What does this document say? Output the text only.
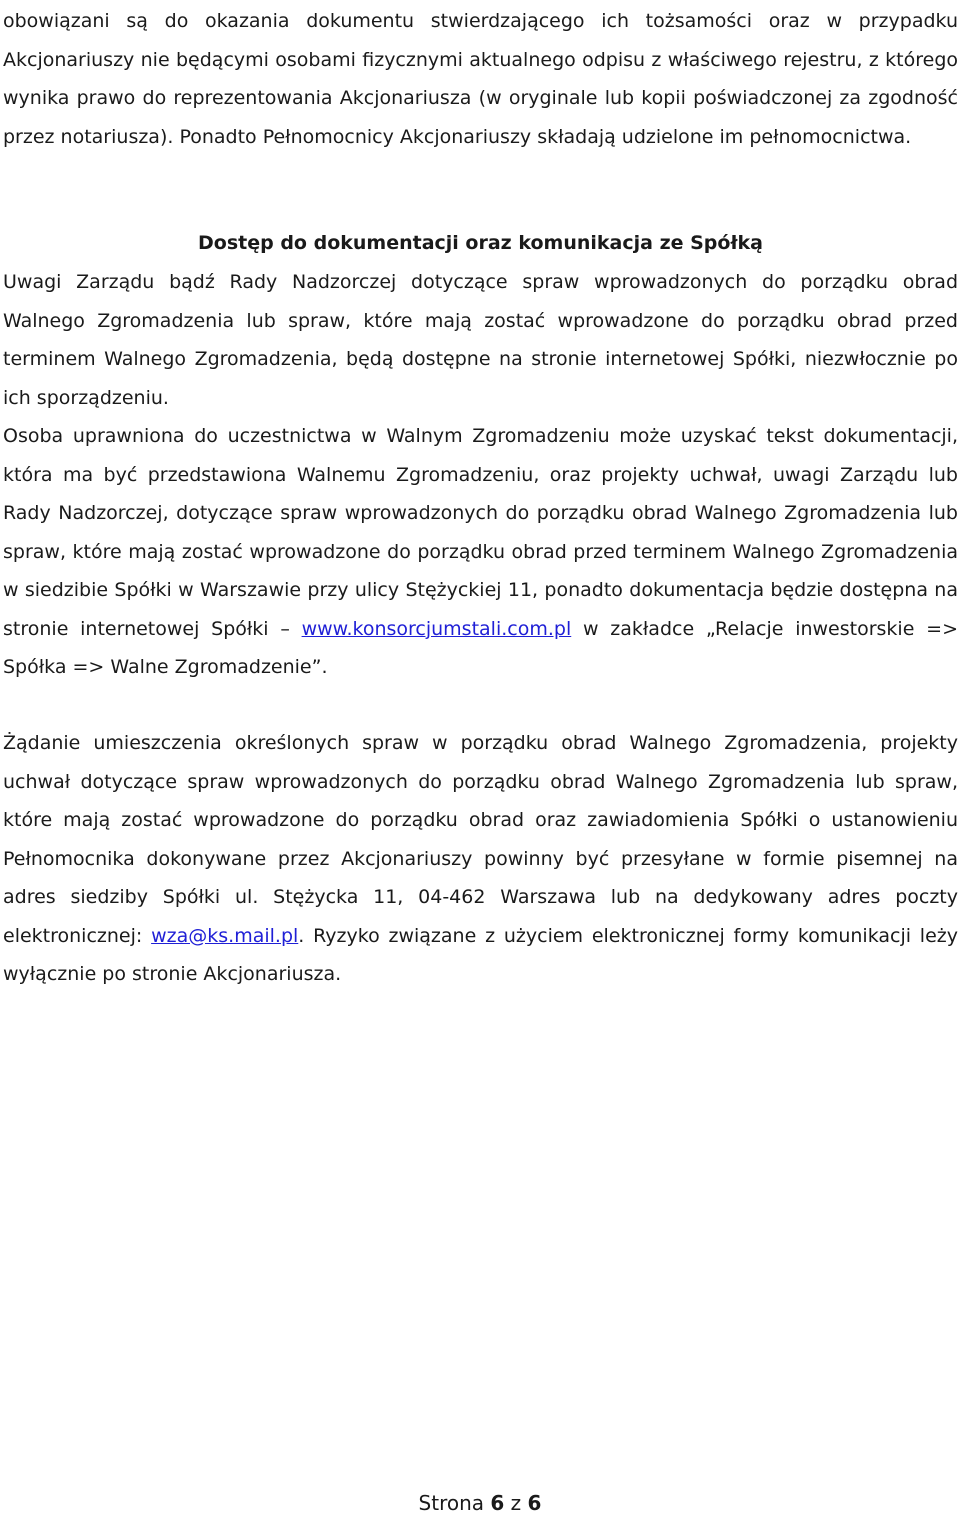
obowiązani są do okazania dokumentu stwierdzającego ich tożsamości oraz w przypadku Akcjonariuszy nie będącymi osobami fizycznymi aktualnego odpisu z właściwego rejestru, z którego wynika prawo do reprezentowania Akcjonariusza (w oryginale lub kopii poświadczonej za zgodność przez notariusza). Ponadto Pełnomocnicy Akcjonariuszy składają udzielone im pełnomocnictwa.

Dostęp do dokumentacji oraz komunikacja ze Spółką

Uwagi Zarządu bądź Rady Nadzorczej dotyczące spraw wprowadzonych do porządku obrad Walnego Zgromadzenia lub spraw, które mają zostać wprowadzone do porządku obrad przed terminem Walnego Zgromadzenia, będą dostępne na stronie internetowej Spółki, niezwłocznie po ich sporządzeniu.

Osoba uprawniona do uczestnictwa w Walnym Zgromadzeniu może uzyskać tekst dokumentacji, która ma być przedstawiona Walnemu Zgromadzeniu, oraz projekty uchwał, uwagi Zarządu lub Rady Nadzorczej, dotyczące spraw wprowadzonych do porządku obrad Walnego Zgromadzenia lub spraw, które mają zostać wprowadzone do porządku obrad przed terminem Walnego Zgromadzenia w siedzibie Spółki w Warszawie przy ulicy Stężyckiej 11, ponadto dokumentacja będzie dostępna na stronie internetowej Spółki – www.konsorcjumstali.com.pl w zakładce „Relacje inwestorskie => Spółka => Walne Zgromadzenie”.

Żądanie umieszczenia określonych spraw w porządku obrad Walnego Zgromadzenia, projekty uchwał dotyczące spraw wprowadzonych do porządku obrad Walnego Zgromadzenia lub spraw, które mają zostać wprowadzone do porządku obrad oraz zawiadomienia Spółki o ustanowieniu Pełnomocnika dokonywane przez Akcjonariuszy powinny być przesyłane w formie pisemnej na adres siedziby Spółki ul. Stężycka 11, 04-462 Warszawa lub na dedykowany adres poczty elektronicznej: wza@ks.mail.pl. Ryzyko związane z użyciem elektronicznej formy komunikacji leży wyłącznie po stronie Akcjonariusza.

Strona 6 z 6
